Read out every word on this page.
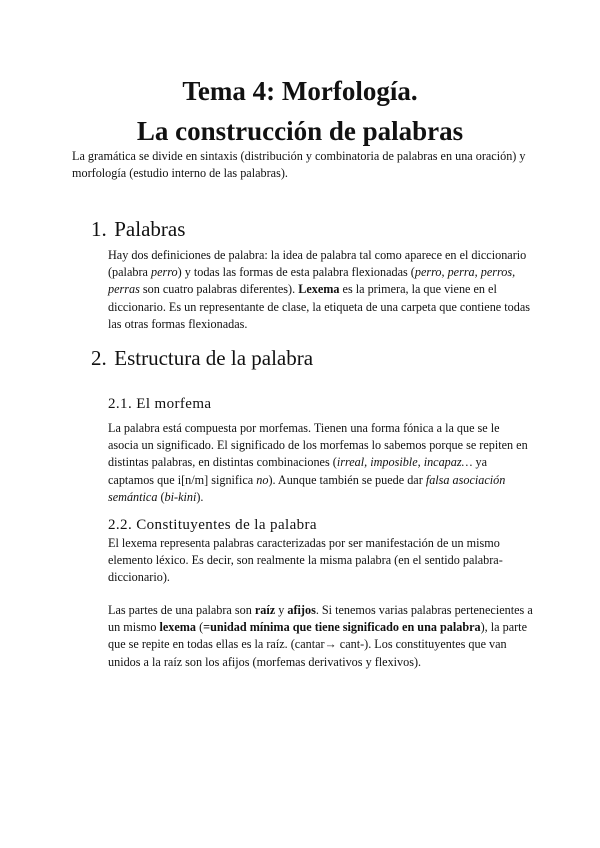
Tema 4: Morfología.
La construcción de palabras

La gramática se divide en sintaxis (distribución y combinatoria de palabras en una oración) y morfología (estudio interno de las palabras).

1. Palabras

Hay dos definiciones de palabra: la idea de palabra tal como aparece en el diccionario (palabra perro) y todas las formas de esta palabra flexionadas (perro, perra, perros, perras son cuatro palabras diferentes). Lexema es la primera, la que viene en el diccionario. Es un representante de clase, la etiqueta de una carpeta que contiene todas las otras formas flexionadas.

2. Estructura de la palabra
2.1. El morfema

La palabra está compuesta por morfemas. Tienen una forma fónica a la que se le asocia un significado. El significado de los morfemas lo sabemos porque se repiten en distintas palabras, en distintas combinaciones (irreal, imposible, incapaz… ya captamos que i[n/m] significa no). Aunque también se puede dar falsa asociación semántica (bi-kini).

2.2. Constituyentes de la palabra

El lexema representa palabras caracterizadas por ser manifestación de un mismo elemento léxico. Es decir, son realmente la misma palabra (en el sentido palabra-diccionario).

Las partes de una palabra son raíz y afijos. Si tenemos varias palabras pertenecientes a un mismo lexema (=unidad mínima que tiene significado en una palabra), la parte que se repite en todas ellas es la raíz. (cantar→ cant-). Los constituyentes que van unidos a la raíz son los afijos (morfemas derivativos y flexivos).
